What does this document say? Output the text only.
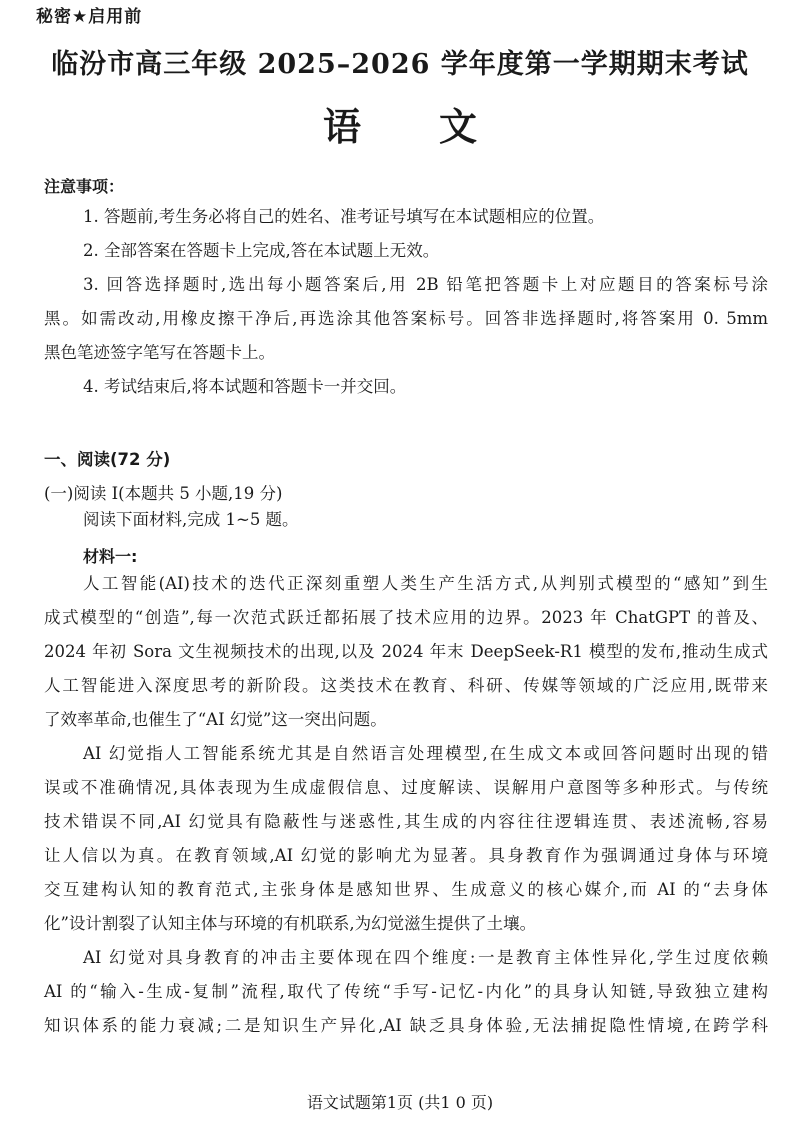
秘密★启用前
临汾市高三年级 2025–2026 学年度第一学期期末考试
语文
注意事项：
1. 答题前,考生务必将自己的姓名、准考证号填写在本试题相应的位置。
2. 全部答案在答题卡上完成,答在本试题上无效。
3. 回答选择题时,选出每小题答案后,用 2B 铅笔把答题卡上对应题目的答案标号涂
黑。如需改动,用橡皮擦干净后,再选涂其他答案标号。回答非选择题时,将答案用 0. 5mm
黑色笔迹签字笔写在答题卡上。
4. 考试结束后,将本试题和答题卡一并交回。
一、阅读(72 分)
(一)阅读 I(本题共 5 小题,19 分)
阅读下面材料,完成 1~5 题。
材料一:
人工智能(AI)技术的迭代正深刻重塑人类生产生活方式,从判别式模型的“感知”到生
成式模型的“创造”,每一次范式跃迁都拓展了技术应用的边界。2023 年 ChatGPT 的普及、
2024 年初 Sora 文生视频技术的出现,以及 2024 年末 DeepSeek-R1 模型的发布,推动生成式
人工智能进入深度思考的新阶段。这类技术在教育、科研、传媒等领域的广泛应用,既带来
了效率革命,也催生了“AI 幻觉”这一突出问题。
AI 幻觉指人工智能系统尤其是自然语言处理模型,在生成文本或回答问题时出现的错
误或不准确情况,具体表现为生成虚假信息、过度解读、误解用户意图等多种形式。与传统
技术错误不同,AI 幻觉具有隐蔽性与迷惑性,其生成的内容往往逻辑连贯、表述流畅,容易
让人信以为真。在教育领域,AI 幻觉的影响尤为显著。具身教育作为强调通过身体与环境
交互建构认知的教育范式,主张身体是感知世界、生成意义的核心媒介,而 AI 的“去身体
化”设计割裂了认知主体与环境的有机联系,为幻觉滋生提供了土壤。
AI 幻觉对具身教育的冲击主要体现在四个维度:一是教育主体性异化,学生过度依赖
AI 的“输入-生成-复制”流程,取代了传统“手写-记忆-内化”的具身认知链,导致独立建构
知识体系的能力衰减;二是知识生产异化,AI 缺乏具身体验,无法捕捉隐性情境,在跨学科
语文试题第1页 (共1 0 页)
